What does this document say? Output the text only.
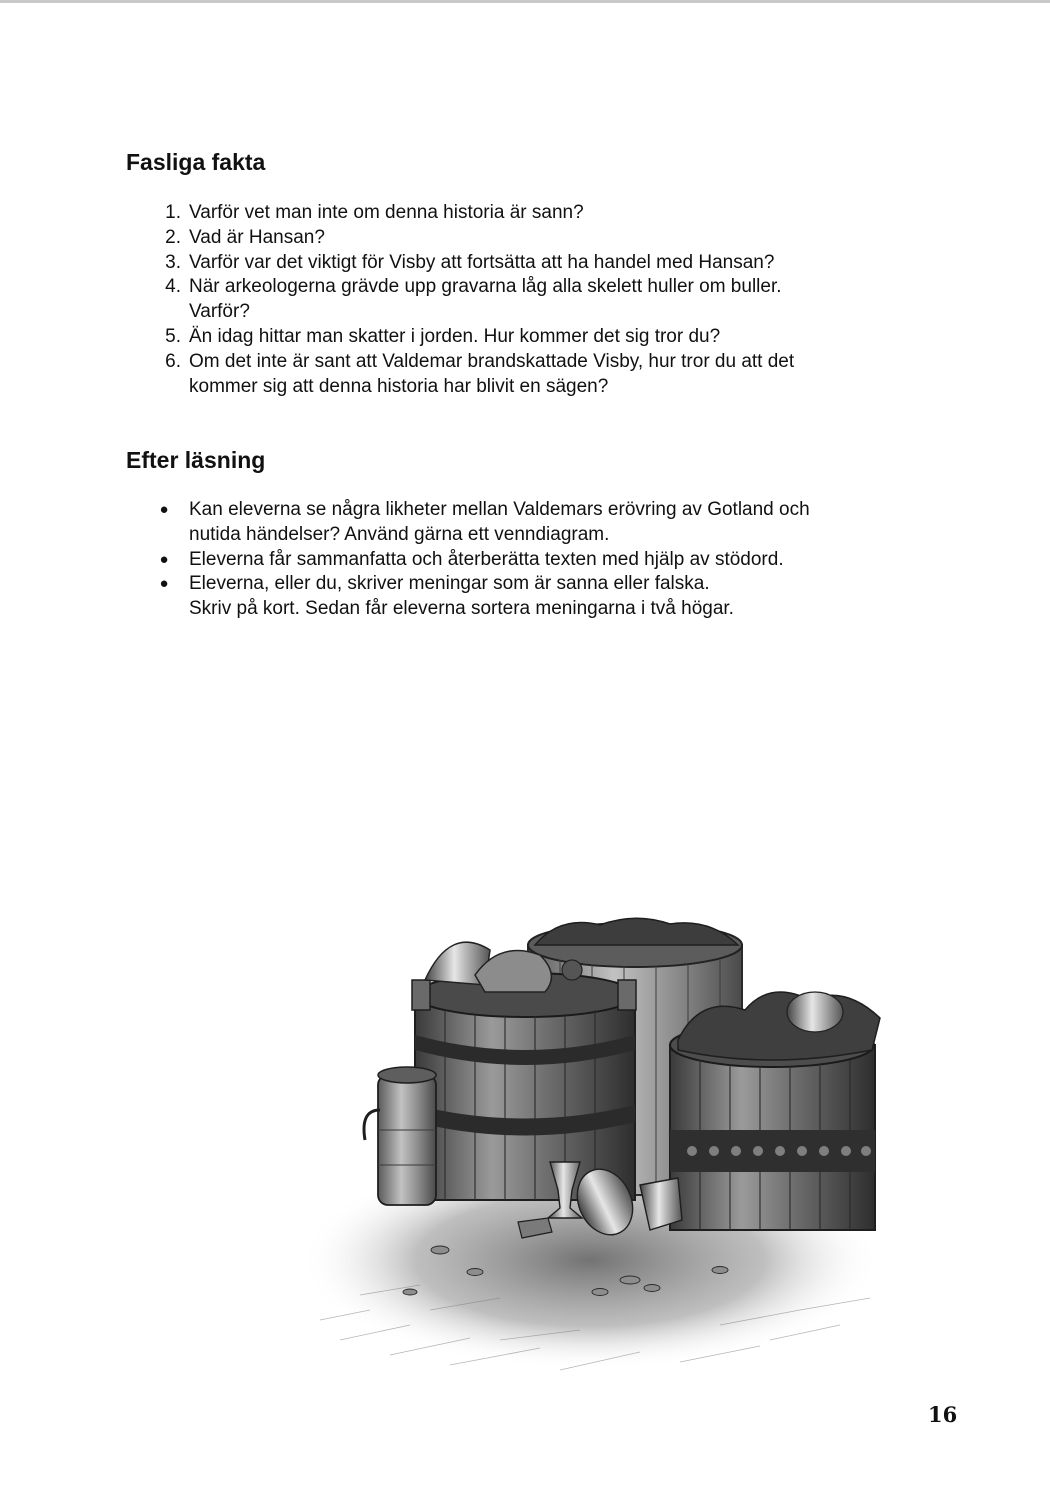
Fasliga fakta
1. Varför vet man inte om denna historia är sann?
2. Vad är Hansan?
3. Varför var det viktigt för Visby att fortsätta att ha handel med Hansan?
4. När arkeologerna grävde upp gravarna låg alla skelett huller om buller.
Varför?
5. Än idag hittar man skatter i jorden. Hur kommer det sig tror du?
6. Om det inte är sant att Valdemar brandskattade Visby, hur tror du att det
kommer sig att denna historia har blivit en sägen?
Efter läsning
● Kan eleverna se några likheter mellan Valdemars erövring av Gotland och
nutida händelser? Använd gärna ett venndiagram.
● Eleverna får sammanfatta och återberätta texten med hjälp av stödord.
● Eleverna, eller du, skriver meningar som är sanna eller falska.
Skriv på kort. Sedan får eleverna sortera meningarna i två högar.
16
